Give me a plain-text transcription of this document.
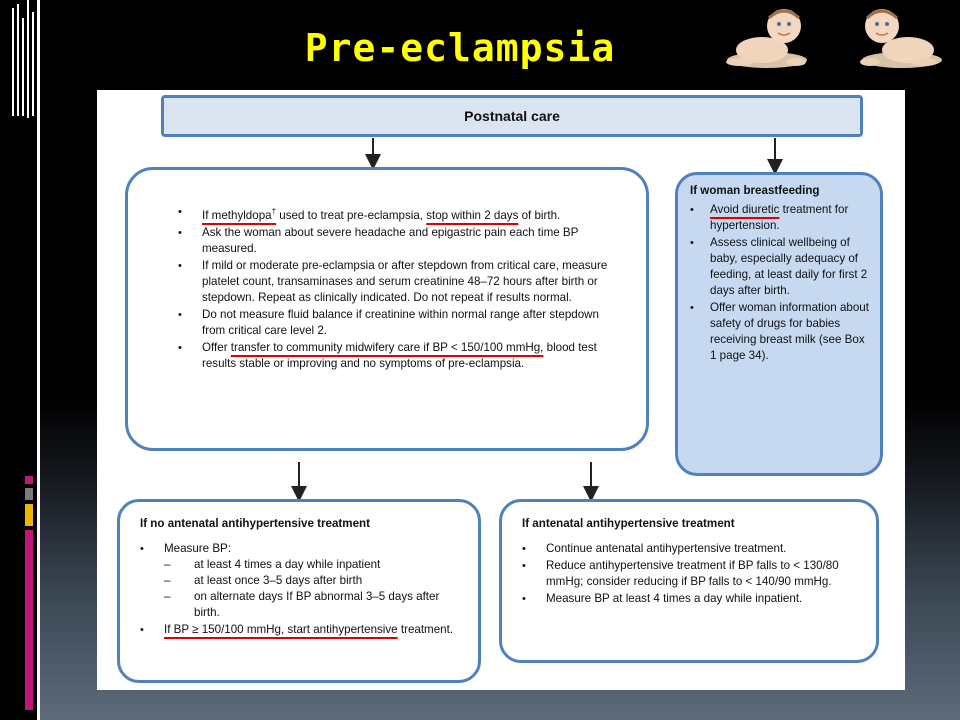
Pre-eclampsia
Postnatal care
• If methyldopa† used to treat pre-eclampsia, stop within 2 days of birth.
• Ask the woman about severe headache and epigastric pain each time BP measured.
• If mild or moderate pre-eclampsia or after stepdown from critical care, measure platelet count, transaminases and serum creatinine 48–72 hours after birth or stepdown. Repeat as clinically indicated. Do not repeat if results normal.
• Do not measure fluid balance if creatinine within normal range after stepdown from critical care level 2.
• Offer transfer to community midwifery care if BP < 150/100 mmHg, blood test results stable or improving and no symptoms of pre-eclampsia.
If woman breastfeeding
• Avoid diuretic treatment for hypertension.
• Assess clinical wellbeing of baby, especially adequacy of feeding, at least daily for first 2 days after birth.
• Offer woman information about safety of drugs for babies receiving breast milk (see Box 1 page 34).
If no antenatal antihypertensive treatment
• Measure BP:
– at least 4 times a day while inpatient
– at least once 3–5 days after birth
– on alternate days If BP abnormal 3–5 days after birth.
• If BP ≥ 150/100 mmHg, start antihypertensive treatment.
If antenatal antihypertensive treatment
• Continue antenatal antihypertensive treatment.
• Reduce antihypertensive treatment if BP falls to < 130/80 mmHg; consider reducing if BP falls to < 140/90 mmHg.
• Measure BP at least 4 times a day while inpatient.
